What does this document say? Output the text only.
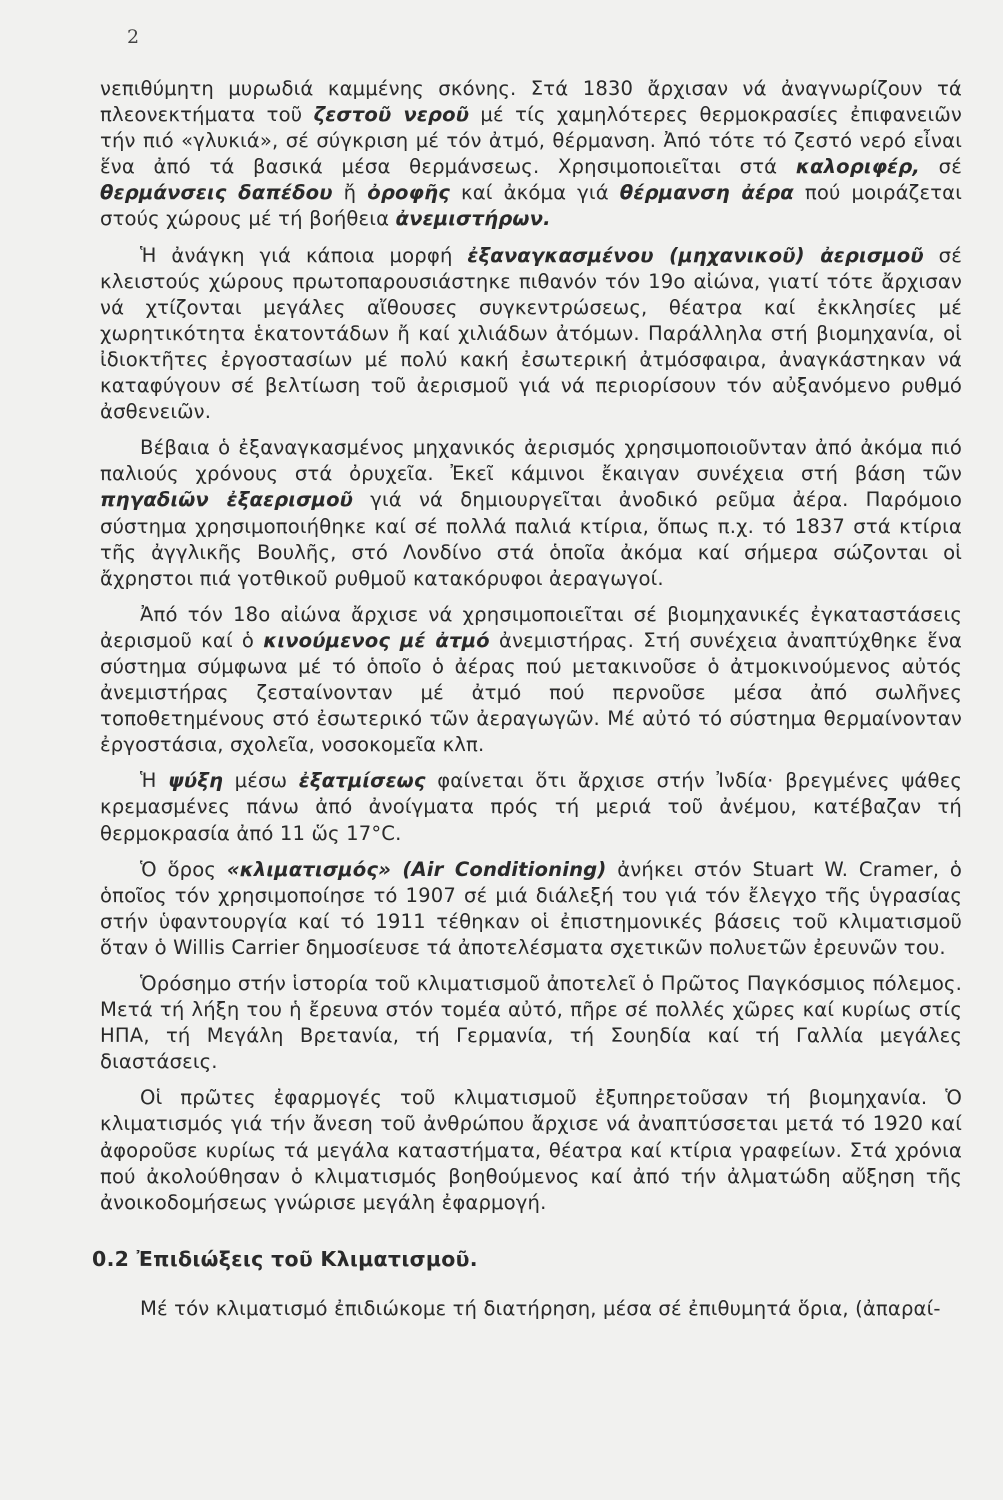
2

νεπιθύμητη μυρωδιά καμμένης σκόνης. Στά 1830 ἄρχισαν νά ἀναγνωρίζουν τά πλεονεκτήματα τοῦ ζεστοῦ νεροῦ μέ τίς χαμηλότερες θερμοκρασίες ἐπιφανειῶν τήν πιό «γλυκιά», σέ σύγκριση μέ τόν ἀτμό, θέρμανση. Ἀπό τότε τό ζεστό νερό εἶναι ἕνα ἀπό τά βασικά μέσα θερμάνσεως. Χρησιμοποιεῖται στά καλοριφέρ, σέ θερμάνσεις δαπέδου ἤ ὀροφῆς καί ἀκόμα γιά θέρμανση ἀέρα πού μοιράζεται στούς χώρους μέ τή βοήθεια ἀνεμιστήρων.

Ἡ ἀνάγκη γιά κάποια μορφή ἐξαναγκασμένου (μηχανικοῦ) ἀερισμοῦ σέ κλειστούς χώρους πρωτοπαρουσιάστηκε πιθανόν τόν 19ο αἰώνα, γιατί τότε ἄρχισαν νά χτίζονται μεγάλες αἴθουσες συγκεντρώσεως, θέατρα καί ἐκκλησίες μέ χωρητικότητα ἑκατοντάδων ἤ καί χιλιάδων ἀτόμων. Παράλληλα στή βιομηχανία, οἱ ἰδιοκτῆτες ἐργοστασίων μέ πολύ κακή ἐσωτερική ἀτμόσφαιρα, ἀναγκάστηκαν νά καταφύγουν σέ βελτίωση τοῦ ἀερισμοῦ γιά νά περιορίσουν τόν αὐξανόμενο ρυθμό ἀσθενειῶν.

Βέβαια ὁ ἐξαναγκασμένος μηχανικός ἀερισμός χρησιμοποιοῦνταν ἀπό ἀκόμα πιό παλιούς χρόνους στά ὀρυχεῖα. Ἐκεῖ κάμινοι ἔκαιγαν συνέχεια στή βάση τῶν πηγαδιῶν ἐξαερισμοῦ γιά νά δημιουργεῖται ἀνοδικό ρεῦμα ἀέρα. Παρόμοιο σύστημα χρησιμοποιήθηκε καί σέ πολλά παλιά κτίρια, ὅπως π.χ. τό 1837 στά κτίρια τῆς ἀγγλικῆς Βουλῆς, στό Λονδίνο στά ὁποῖα ἀκόμα καί σήμερα σώζονται οἱ ἄχρηστοι πιά γοτθικοῦ ρυθμοῦ κατακόρυφοι ἀεραγωγοί.

Ἀπό τόν 18ο αἰώνα ἄρχισε νά χρησιμοποιεῖται σέ βιομηχανικές ἐγκαταστάσεις ἀερισμοῦ καί ὁ κινούμενος μέ ἀτμό ἀνεμιστήρας. Στή συνέχεια ἀναπτύχθηκε ἕνα σύστημα σύμφωνα μέ τό ὁποῖο ὁ ἀέρας πού μετακινοῦσε ὁ ἀτμοκινούμενος αὐτός ἀνεμιστήρας ζεσταίνονταν μέ ἀτμό πού περνοῦσε μέσα ἀπό σωλῆνες τοποθετημένους στό ἐσωτερικό τῶν ἀεραγωγῶν. Μέ αὐτό τό σύστημα θερμαίνονταν ἐργοστάσια, σχολεῖα, νοσοκομεῖα κλπ.

Ἡ ψύξη μέσω ἐξατμίσεως φαίνεται ὅτι ἄρχισε στήν Ἰνδία· βρεγμένες ψάθες κρεμασμένες πάνω ἀπό ἀνοίγματα πρός τή μεριά τοῦ ἀνέμου, κατέβαζαν τή θερμοκρασία ἀπό 11 ὥς 17°C.

Ὁ ὅρος «κλιματισμός» (Air Conditioning) ἀνήκει στόν Stuart W. Cramer, ὁ ὁποῖος τόν χρησιμοποίησε τό 1907 σέ μιά διάλεξή του γιά τόν ἔλεγχο τῆς ὑγρασίας στήν ὑφαντουργία καί τό 1911 τέθηκαν οἱ ἐπιστημονικές βάσεις τοῦ κλιματισμοῦ ὅταν ὁ Willis Carrier δημοσίευσε τά ἀποτελέσματα σχετικῶν πολυετῶν ἐρευνῶν του.

Ὁρόσημο στήν ἱστορία τοῦ κλιματισμοῦ ἀποτελεῖ ὁ Πρῶτος Παγκόσμιος πόλεμος. Μετά τή λήξη του ἡ ἔρευνα στόν τομέα αὐτό, πῆρε σέ πολλές χῶρες καί κυρίως στίς ΗΠΑ, τή Μεγάλη Βρετανία, τή Γερμανία, τή Σουηδία καί τή Γαλλία μεγάλες διαστάσεις.

Οἱ πρῶτες ἐφαρμογές τοῦ κλιματισμοῦ ἐξυπηρετοῦσαν τή βιομηχανία. Ὁ κλιματισμός γιά τήν ἄνεση τοῦ ἀνθρώπου ἄρχισε νά ἀναπτύσσεται μετά τό 1920 καί ἀφοροῦσε κυρίως τά μεγάλα καταστήματα, θέατρα καί κτίρια γραφείων. Στά χρόνια πού ἀκολούθησαν ὁ κλιματισμός βοηθούμενος καί ἀπό τήν ἀλματώδη αὔξηση τῆς ἀνοικοδομήσεως γνώρισε μεγάλη ἐφαρμογή.

0.2 Ἐπιδιώξεις τοῦ Κλιματισμοῦ.

Μέ τόν κλιματισμό ἐπιδιώκομε τή διατήρηση, μέσα σέ ἐπιθυμητά ὅρια, (ἀπαραί-
